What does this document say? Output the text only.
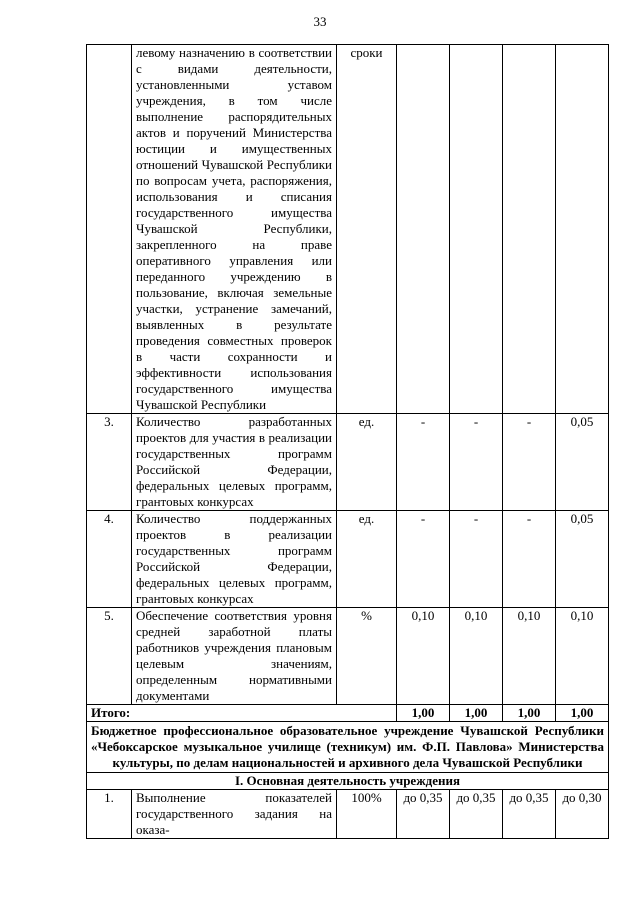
33
	левому назначению в соответствии с видами деятельности, установленными уставом учреждения, в том числе выполнение распорядительных актов и поручений Министерства юстиции и имущественных отношений Чувашской Республики по вопросам учета, распоряжения, использования и списания государственного имущества Чувашской Республики, закрепленного на праве оперативного управления или переданного учреждению в пользование, включая земельные участки, устранение замечаний, выявленных в результате проведения совместных проверок в части сохранности и эффективности использования государственного имущества Чувашской Республики	сроки				
3.	Количество разработанных проектов для участия в реализации государственных программ Российской Федерации, федеральных целевых программ, грантовых конкурсах	ед.	-	-	-	0,05
4.	Количество поддержанных проектов в реализации государственных программ Российской Федерации, федеральных целевых программ, грантовых конкурсах	ед.	-	-	-	0,05
5.	Обеспечение соответствия уровня средней заработной платы работников учреждения плановым целевым значениям, определенным нормативными документами	%	0,10	0,10	0,10	0,10
Итого:			1,00	1,00	1,00	1,00
Бюджетное профессиональное образовательное учреждение Чувашской Республики «Чебоксарское музыкальное училище (техникум) им. Ф.П. Павлова» Министерства культуры, по делам национальностей и архивного дела Чувашской Республики						
I. Основная деятельность учреждения						
1.	Выполнение показателей государственного задания на оказа-	100%	до 0,35	до 0,35	до 0,35	до 0,30
